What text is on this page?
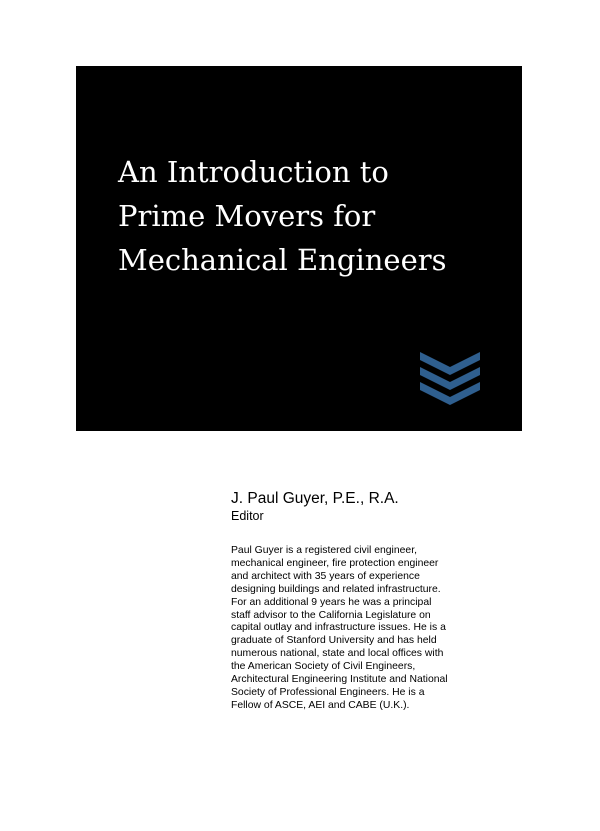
An Introduction to
Prime Movers for
Mechanical Engineers

J. Paul Guyer, P.E., R.A.

Editor

Paul Guyer is a registered civil engineer,
mechanical engineer, fire protection engineer
and architect with 35 years of experience
designing buildings and related infrastructure.
For an additional 9 years he was a principal
staff advisor to the California Legislature on
capital outlay and infrastructure issues. He is a
graduate of Stanford University and has held
numerous national, state and local offices with
the American Society of Civil Engineers,
Architectural Engineering Institute and National
Society of Professional Engineers. He is a
Fellow of ASCE, AEI and CABE (U.K.).
